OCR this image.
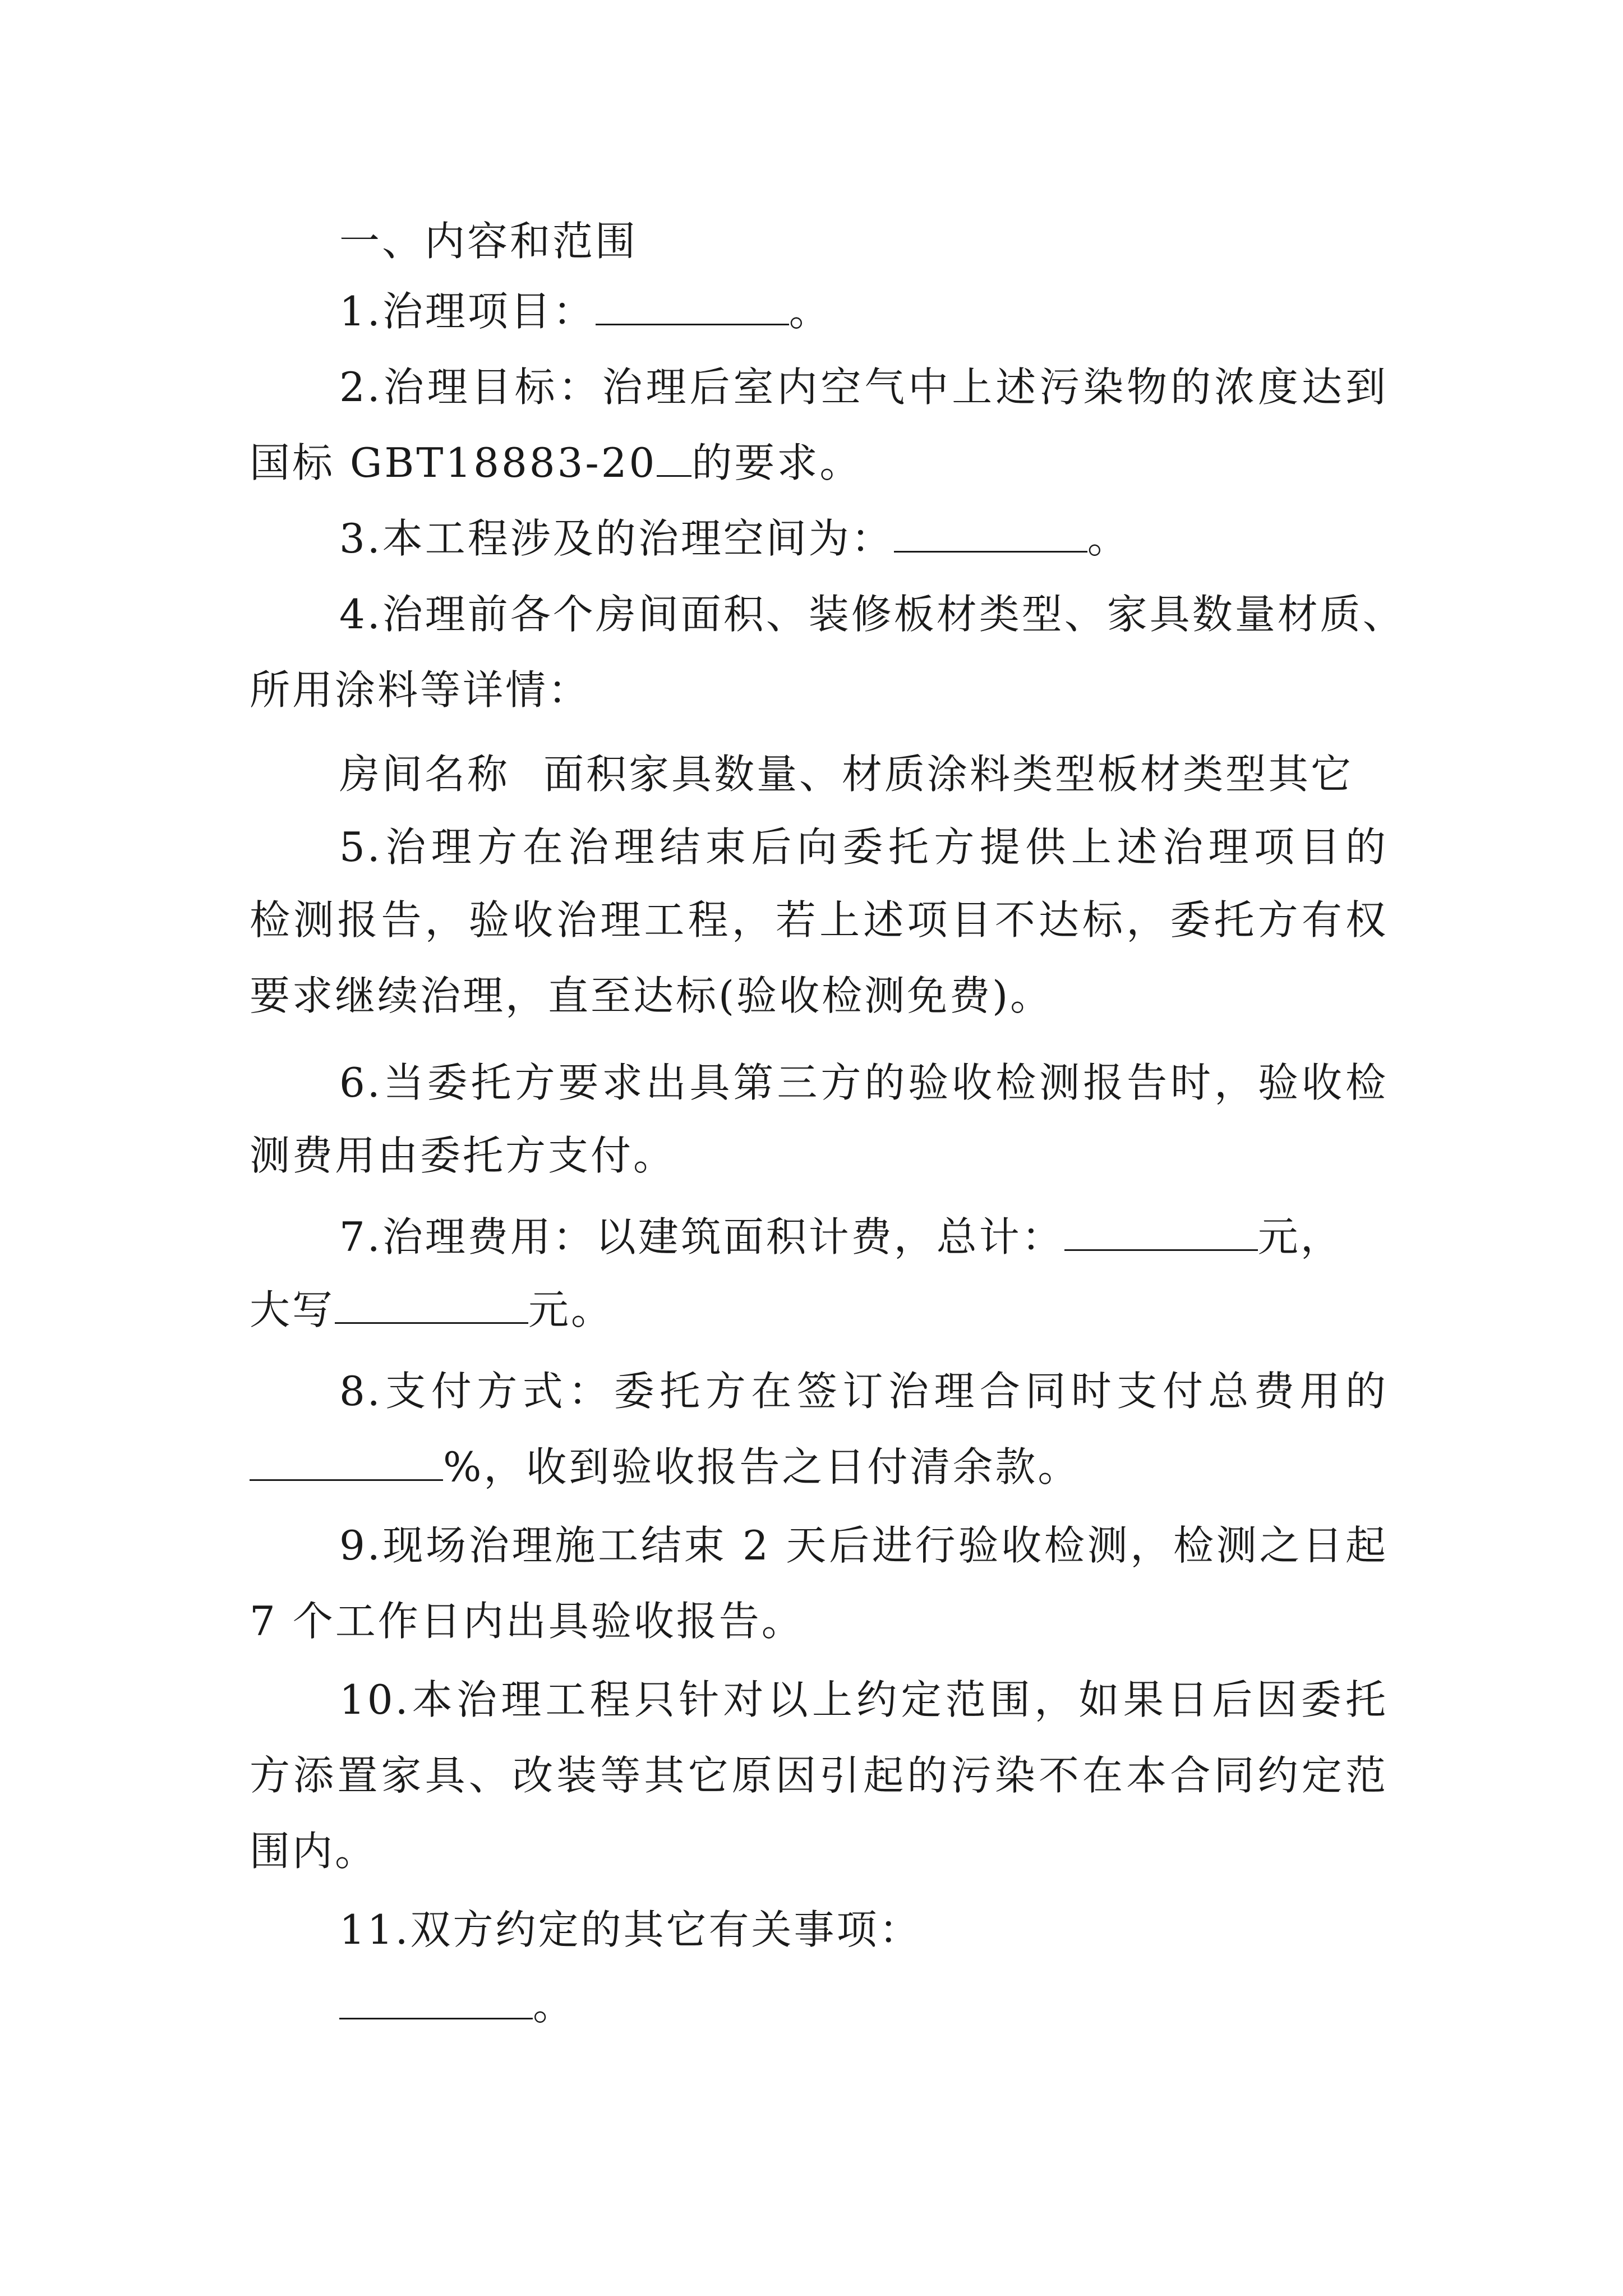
一、内容和范围
1.治理项目：	。
2.治理目标：治理后室内空气中上述污染物的浓度达到
国标 GBT18883-20 的要求。
3.本工程涉及的治理空间为：	。
4.治理前各个房间面积、装修板材类型、家具数量材质、
所用涂料等详情：
房间名称 面积家具数量、材质涂料类型板材类型其它
5.治理方在治理结束后向委托方提供上述治理项目的
检测报告，验收治理工程，若上述项目不达标，委托方有权
要求继续治理，直至达标(验收检测免费)。
6.当委托方要求出具第三方的验收检测报告时，验收检
测费用由委托方支付。
7.治理费用：以建筑面积计费，总计：	元，
大写	元。
8.支付方式：委托方在签订治理合同时支付总费用的
%，收到验收报告之日付清余款。
9.现场治理施工结束 2 天后进行验收检测，检测之日起
7 个工作日内出具验收报告。
10.本治理工程只针对以上约定范围，如果日后因委托
方添置家具、改装等其它原因引起的污染不在本合同约定范
围内。
11.双方约定的其它有关事项：
。
